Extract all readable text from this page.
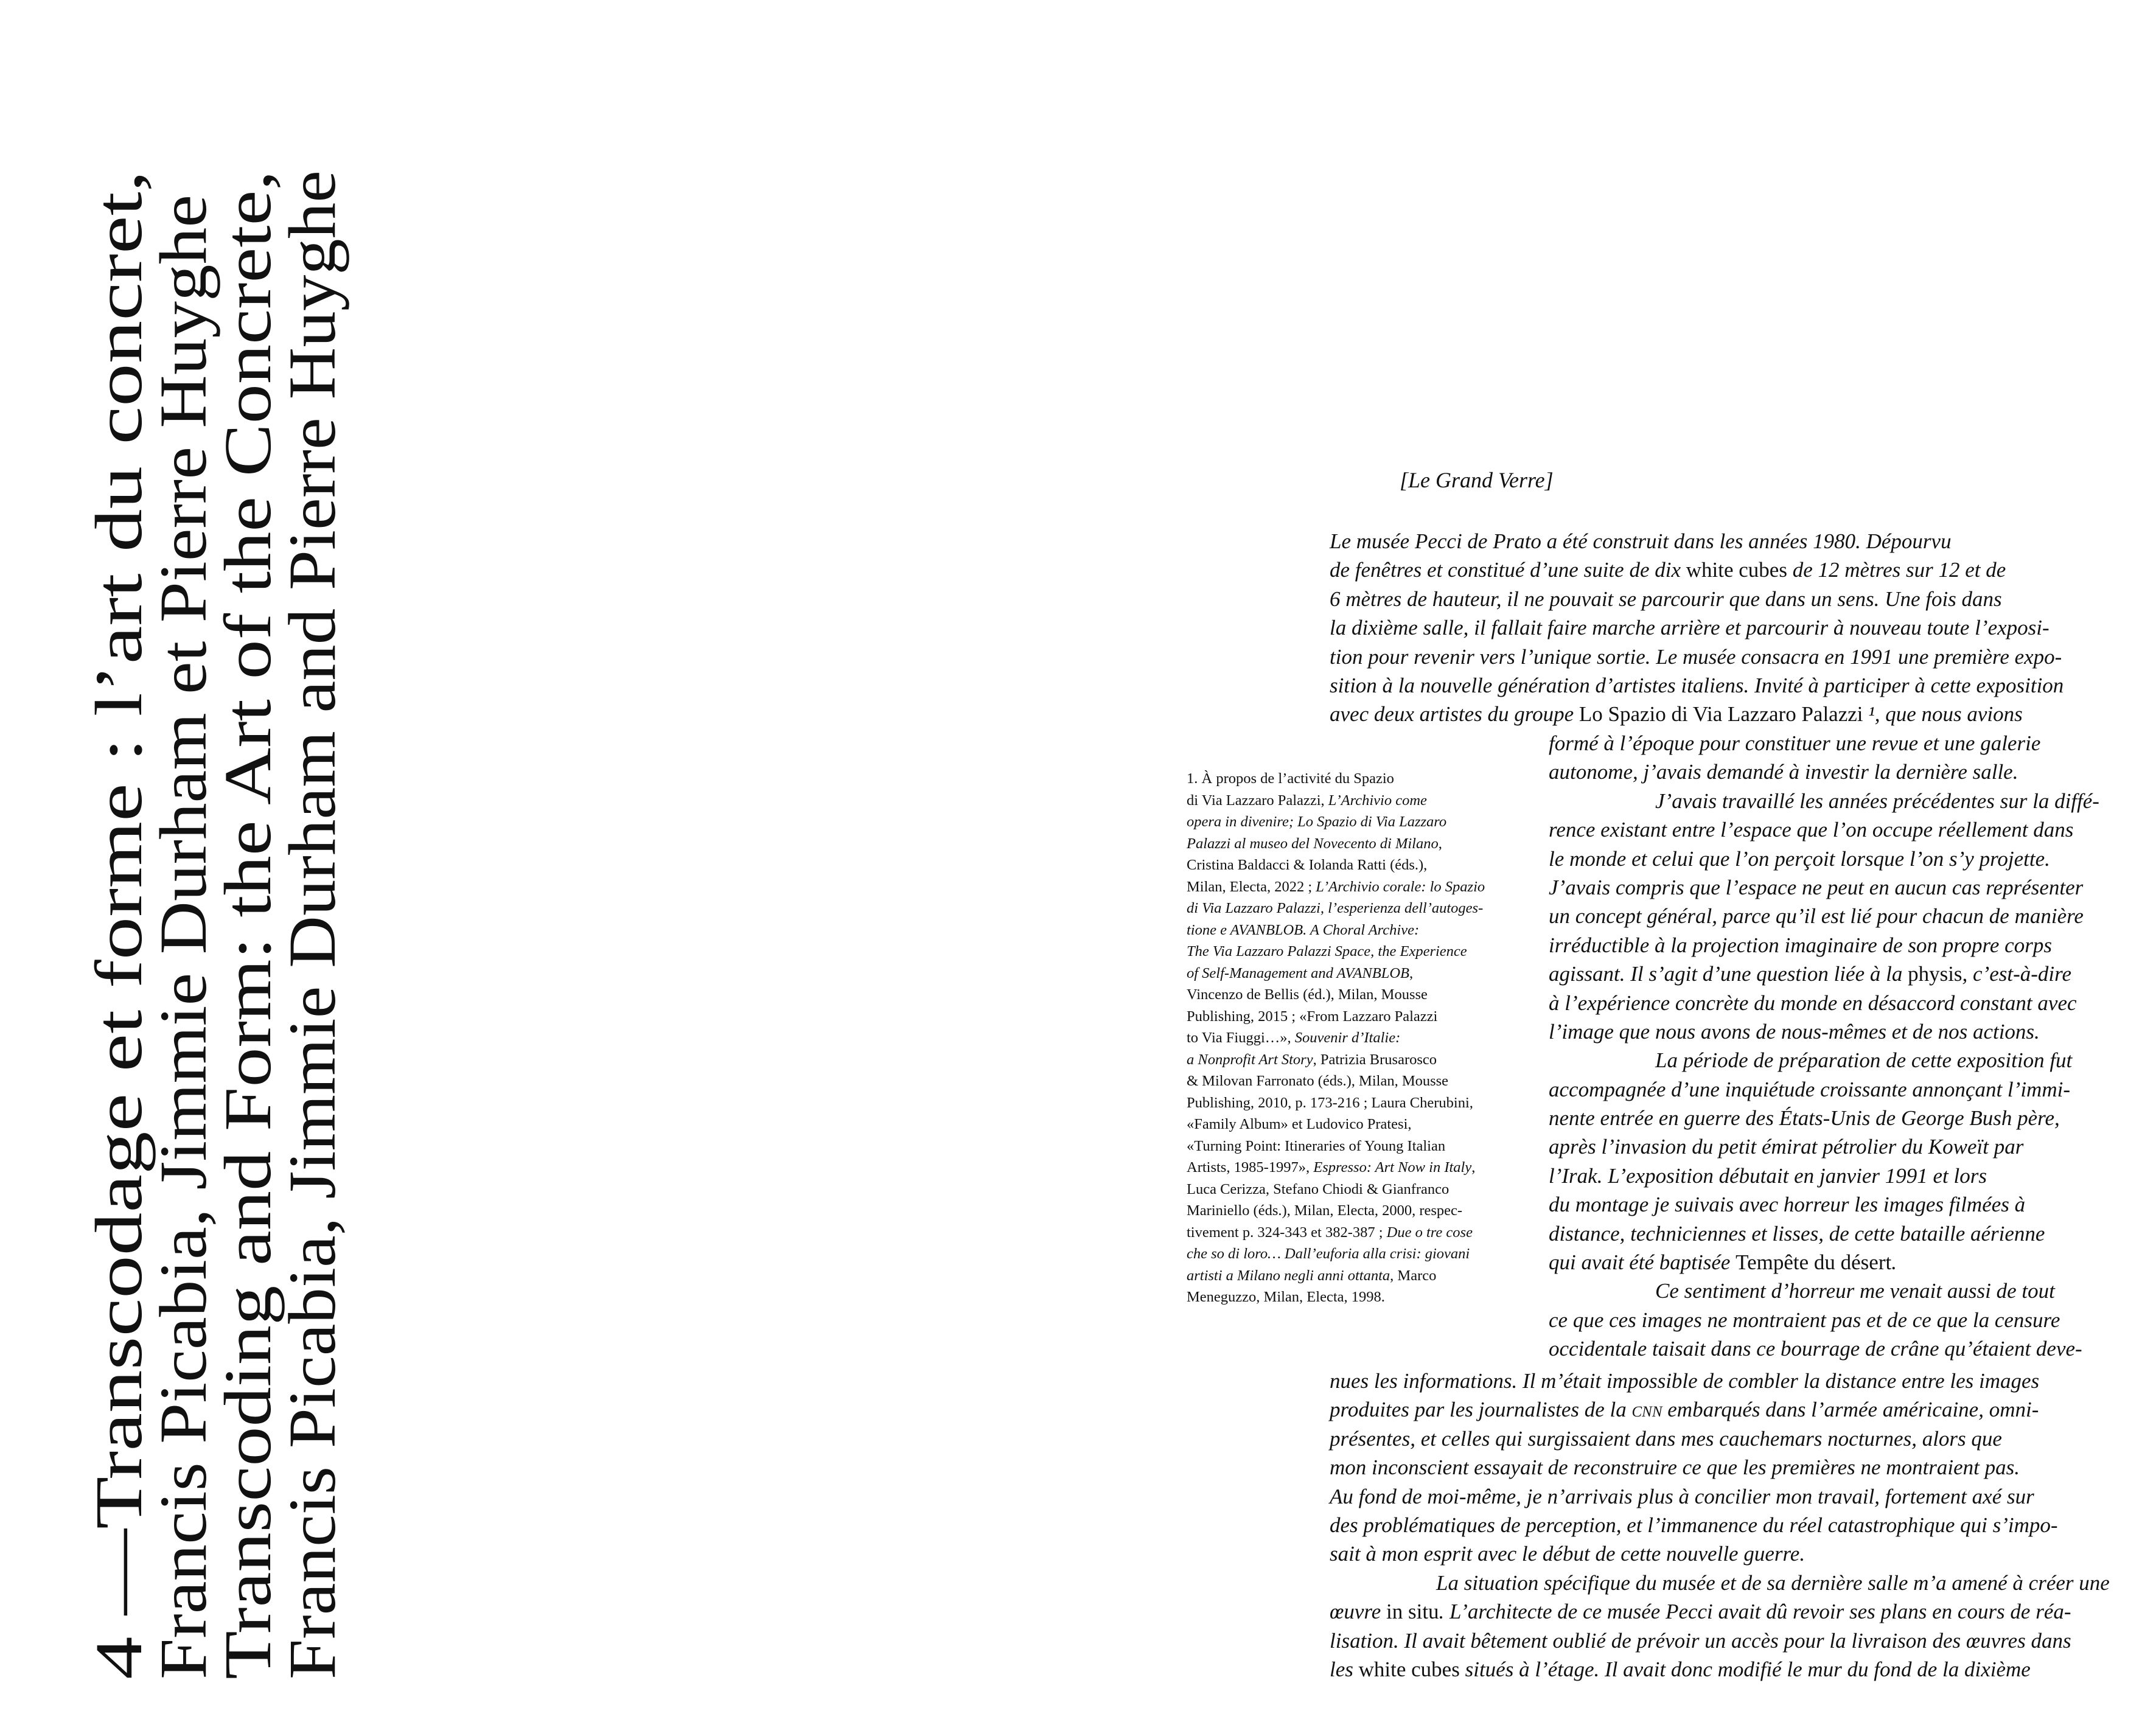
4 —Transcodage et forme : l’art du concret,
Francis Picabia, Jimmie Durham et Pierre Huyghe
Transcoding and Form: the Art of the Concrete,
Francis Picabia, Jimmie Durham and Pierre Huyghe	[Le Grand Verre]
Le musée Pecci de Prato a été construit dans les années 1980. Dépourvu
de fenêtres et constitué d’une suite de dix white cubes de 12 mètres sur 12 et de
6 mètres de hauteur, il ne pouvait se parcourir que dans un sens. Une fois dans
la dixième salle, il fallait faire marche arrière et parcourir à nouveau toute l’exposi-
tion pour revenir vers l’unique sortie. Le musée consacra en 1991 une première expo-
sition à la nouvelle génération d’artistes italiens. Invité à participer à cette exposition
avec deux artistes du groupe Lo Spazio di Via Lazzaro Palazzi ¹, que nous avions
formé à l’époque pour constituer une revue et une galerie
autonome, j’avais demandé à investir la dernière salle.
J’avais travaillé les années précédentes sur la diffé-
rence existant entre l’espace que l’on occupe réellement dans
le monde et celui que l’on perçoit lorsque l’on s’y projette.
J’avais compris que l’espace ne peut en aucun cas représenter
un concept général, parce qu’il est lié pour chacun de manière
irréductible à la projection imaginaire de son propre corps
agissant. Il s’agit d’une question liée à la physis, c’est-à-dire
à l’expérience concrète du monde en désaccord constant avec
l’image que nous avons de nous-mêmes et de nos actions.
La période de préparation de cette exposition fut
accompagnée d’une inquiétude croissante annonçant l’immi-
nente entrée en guerre des États-Unis de George Bush père,
après l’invasion du petit émirat pétrolier du Koweït par
l’Irak. L’exposition débutait en janvier 1991 et lors
du montage je suivais avec horreur les images filmées à
distance, techniciennes et lisses, de cette bataille aérienne
qui avait été baptisée Tempête du désert.
Ce sentiment d’horreur me venait aussi de tout
ce que ces images ne montraient pas et de ce que la censure
occidentale taisait dans ce bourrage de crâne qu’étaient deve-
nues les informations. Il m’était impossible de combler la distance entre les images
produites par les journalistes de la cnn embarqués dans l’armée américaine, omni-
présentes, et celles qui surgissaient dans mes cauchemars nocturnes, alors que
mon inconscient essayait de reconstruire ce que les premières ne montraient pas.
Au fond de moi-même, je n’arrivais plus à concilier mon travail, fortement axé sur
des problématiques de perception, et l’immanence du réel catastrophique qui s’impo-
sait à mon esprit avec le début de cette nouvelle guerre.
La situation spécifique du musée et de sa dernière salle m’a amené à créer une
œuvre in situ. L’architecte de ce musée Pecci avait dû revoir ses plans en cours de réa-
lisation. Il avait bêtement oublié de prévoir un accès pour la livraison des œuvres dans
les white cubes situés à l’étage. Il avait donc modifié le mur du fond de la dixième
1. À propos de l’activité du Spazio
di Via Lazzaro Palazzi, L’Archivio come
opera in divenire; Lo Spazio di Via Lazzaro
Palazzi al museo del Novecento di Milano,
Cristina Baldacci & Iolanda Ratti (éds.),
Milan, Electa, 2022 ; L’Archivio corale: lo Spazio
di Via Lazzaro Palazzi, l’esperienza dell’autoges-
tione e AVANBLOB. A Choral Archive:
The Via Lazzaro Palazzi Space, the Experience
of Self-Management and AVANBLOB,
Vincenzo de Bellis (éd.), Milan, Mousse
Publishing, 2015 ; «From Lazzaro Palazzi
to Via Fiuggi…», Souvenir d’Italie:
a Nonprofit Art Story, Patrizia Brusarosco
& Milovan Farronato (éds.), Milan, Mousse
Publishing, 2010, p. 173-216 ; Laura Cherubini,
«Family Album» et Ludovico Pratesi,
«Turning Point: Itineraries of Young Italian
Artists, 1985-1997», Espresso: Art Now in Italy,
Luca Cerizza, Stefano Chiodi & Gianfranco
Mariniello (éds.), Milan, Electa, 2000, respec-
tivement p. 324-343 et 382-387 ; Due o tre cose
che so di loro… Dall’euforia alla crisi: giovani
artisti a Milano negli anni ottanta, Marco
Meneguzzo, Milan, Electa, 1998.
